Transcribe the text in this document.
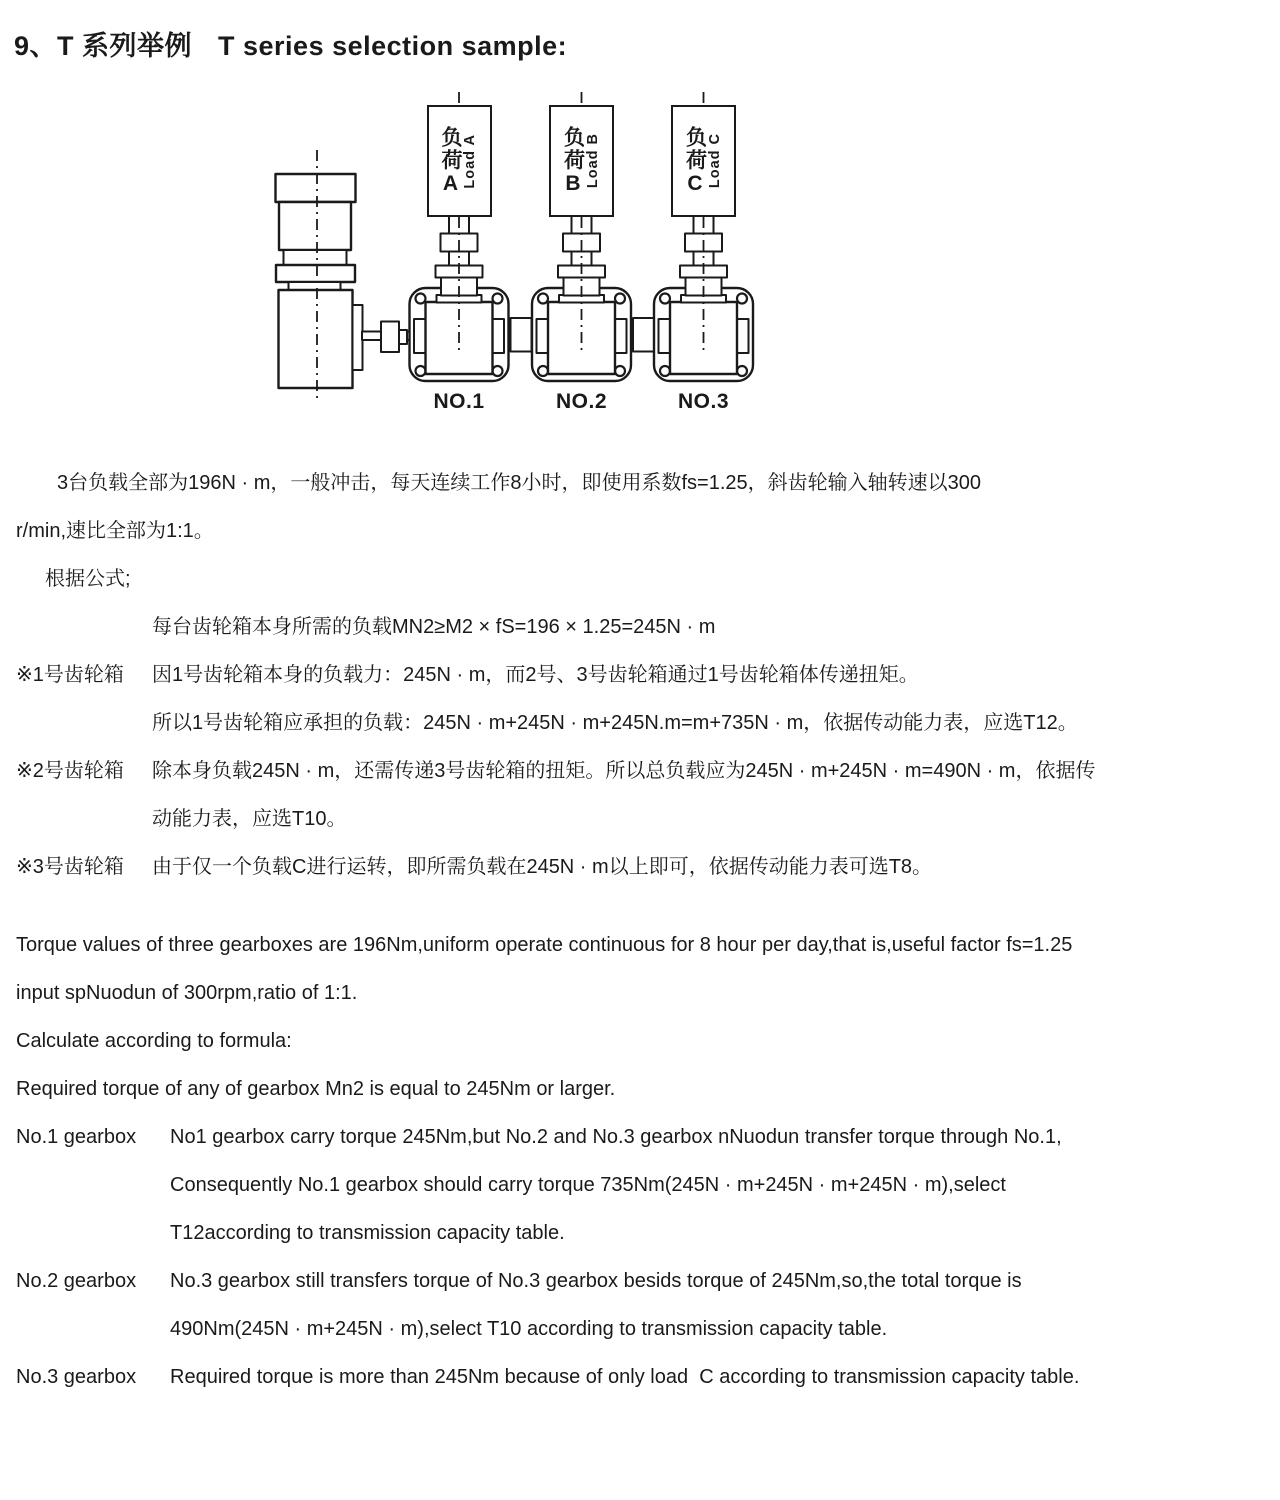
9、T 系列举例 T series selection sample:
负荷A Load A	负荷B Load B	负荷C Load C
NO.1	NO.2	NO.3
3台负载全部为196N · m，一般冲击，每天连续工作8小时，即使用系数fs=1.25，斜齿轮输入轴转速以300
r/min,速比全部为1:1。
根据公式;
每台齿轮箱本身所需的负载MN2≥M2 × fS=196 × 1.25=245N · m
※1号齿轮箱 因1号齿轮箱本身的负载力：245N · m，而2号、3号齿轮箱通过1号齿轮箱体传递扭矩。
所以1号齿轮箱应承担的负载：245N · m+245N · m+245N.m=m+735N · m，依据传动能力表，应选T12。
※2号齿轮箱 除本身负载245N · m，还需传递3号齿轮箱的扭矩。所以总负载应为245N · m+245N · m=490N · m，依据传
动能力表，应选T10。
※3号齿轮箱 由于仅一个负载C进行运转，即所需负载在245N · m以上即可，依据传动能力表可选T8。
Torque values of three gearboxes are 196Nm,uniform operate continuous for 8 hour per day,that is,useful factor fs=1.25
input spNuodun of 300rpm,ratio of 1:1.
Calculate according to formula:
Required torque of any of gearbox Mn2 is equal to 245Nm or larger.
No.1 gearbox No1 gearbox carry torque 245Nm,but No.2 and No.3 gearbox nNuodun transfer torque through No.1,
Consequently No.1 gearbox should carry torque 735Nm(245N · m+245N · m+245N · m),select
T12according to transmission capacity table.
No.2 gearbox No.3 gearbox still transfers torque of No.3 gearbox besids torque of 245Nm,so,the total torque is
490Nm(245N · m+245N · m),select T10 according to transmission capacity table.
No.3 gearbox Required torque is more than 245Nm because of only load  C according to transmission capacity table.
